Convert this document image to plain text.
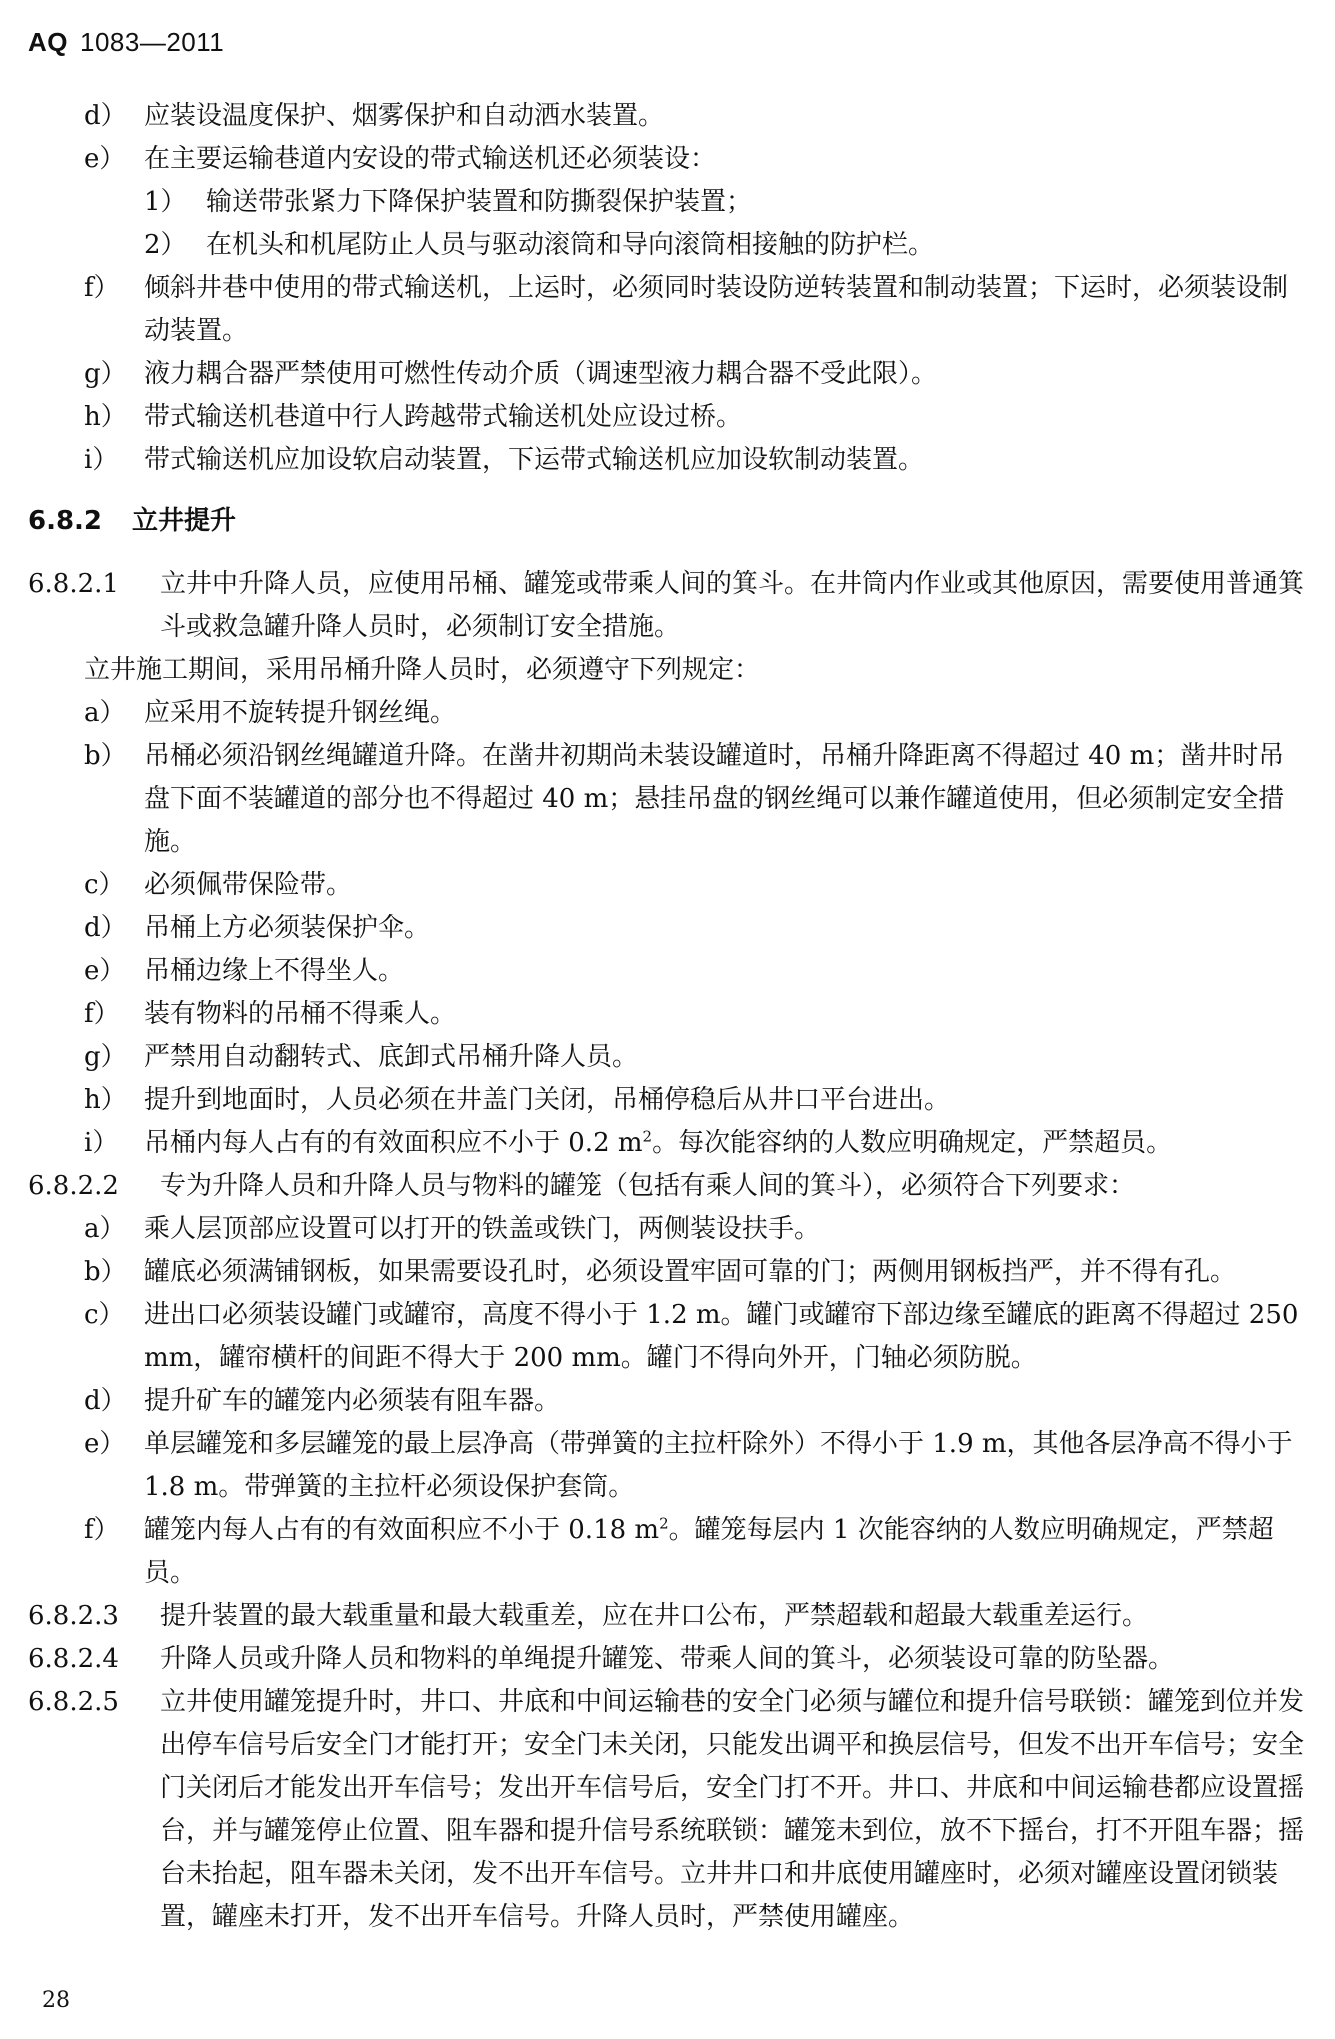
AQ 1083—2011
d） 应装设温度保护、烟雾保护和自动洒水装置。
e） 在主要运输巷道内安设的带式输送机还必须装设：
1） 输送带张紧力下降保护装置和防撕裂保护装置；
2） 在机头和机尾防止人员与驱动滚筒和导向滚筒相接触的防护栏。
f） 倾斜井巷中使用的带式输送机，上运时，必须同时装设防逆转装置和制动装置；下运时，必须装设制动装置。
g） 液力耦合器严禁使用可燃性传动介质（调速型液力耦合器不受此限）。
h） 带式输送机巷道中行人跨越带式输送机处应设过桥。
i） 带式输送机应加设软启动装置，下运带式输送机应加设软制动装置。
6.8.2	立井提升
6.8.2.1	立井中升降人员，应使用吊桶、罐笼或带乘人间的箕斗。在井筒内作业或其他原因，需要使用普通箕斗或救急罐升降人员时，必须制订安全措施。
立井施工期间，采用吊桶升降人员时，必须遵守下列规定：
a） 应采用不旋转提升钢丝绳。
b） 吊桶必须沿钢丝绳罐道升降。在凿井初期尚未装设罐道时，吊桶升降距离不得超过 40 m；凿井时吊盘下面不装罐道的部分也不得超过 40 m；悬挂吊盘的钢丝绳可以兼作罐道使用，但必须制定安全措施。
c） 必须佩带保险带。
d） 吊桶上方必须装保护伞。
e） 吊桶边缘上不得坐人。
f） 装有物料的吊桶不得乘人。
g） 严禁用自动翻转式、底卸式吊桶升降人员。
h） 提升到地面时，人员必须在井盖门关闭，吊桶停稳后从井口平台进出。
i） 吊桶内每人占有的有效面积应不小于 0.2 $m^2$。每次能容纳的人数应明确规定，严禁超员。
6.8.2.2	专为升降人员和升降人员与物料的罐笼（包括有乘人间的箕斗），必须符合下列要求：
a） 乘人层顶部应设置可以打开的铁盖或铁门，两侧装设扶手。
b） 罐底必须满铺钢板，如果需要设孔时，必须设置牢固可靠的门；两侧用钢板挡严，并不得有孔。
c） 进出口必须装设罐门或罐帘，高度不得小于 1.2 m。罐门或罐帘下部边缘至罐底的距离不得超过 250 mm，罐帘横杆的间距不得大于 200 mm。罐门不得向外开，门轴必须防脱。
d） 提升矿车的罐笼内必须装有阻车器。
e） 单层罐笼和多层罐笼的最上层净高（带弹簧的主拉杆除外）不得小于 1.9 m，其他各层净高不得小于 1.8 m。带弹簧的主拉杆必须设保护套筒。
f） 罐笼内每人占有的有效面积应不小于 0.18 $m^2$。罐笼每层内 1 次能容纳的人数应明确规定，严禁超员。
6.8.2.3	提升装置的最大载重量和最大载重差，应在井口公布，严禁超载和超最大载重差运行。
6.8.2.4	升降人员或升降人员和物料的单绳提升罐笼、带乘人间的箕斗，必须装设可靠的防坠器。
6.8.2.5	立井使用罐笼提升时，井口、井底和中间运输巷的安全门必须与罐位和提升信号联锁：罐笼到位并发出停车信号后安全门才能打开；安全门未关闭，只能发出调平和换层信号，但发不出开车信号；安全门关闭后才能发出开车信号；发出开车信号后，安全门打不开。井口、井底和中间运输巷都应设置摇台，并与罐笼停止位置、阻车器和提升信号系统联锁：罐笼未到位，放不下摇台，打不开阻车器；摇台未抬起，阻车器未关闭，发不出开车信号。立井井口和井底使用罐座时，必须对罐座设置闭锁装置，罐座未打开，发不出开车信号。升降人员时，严禁使用罐座。
28
